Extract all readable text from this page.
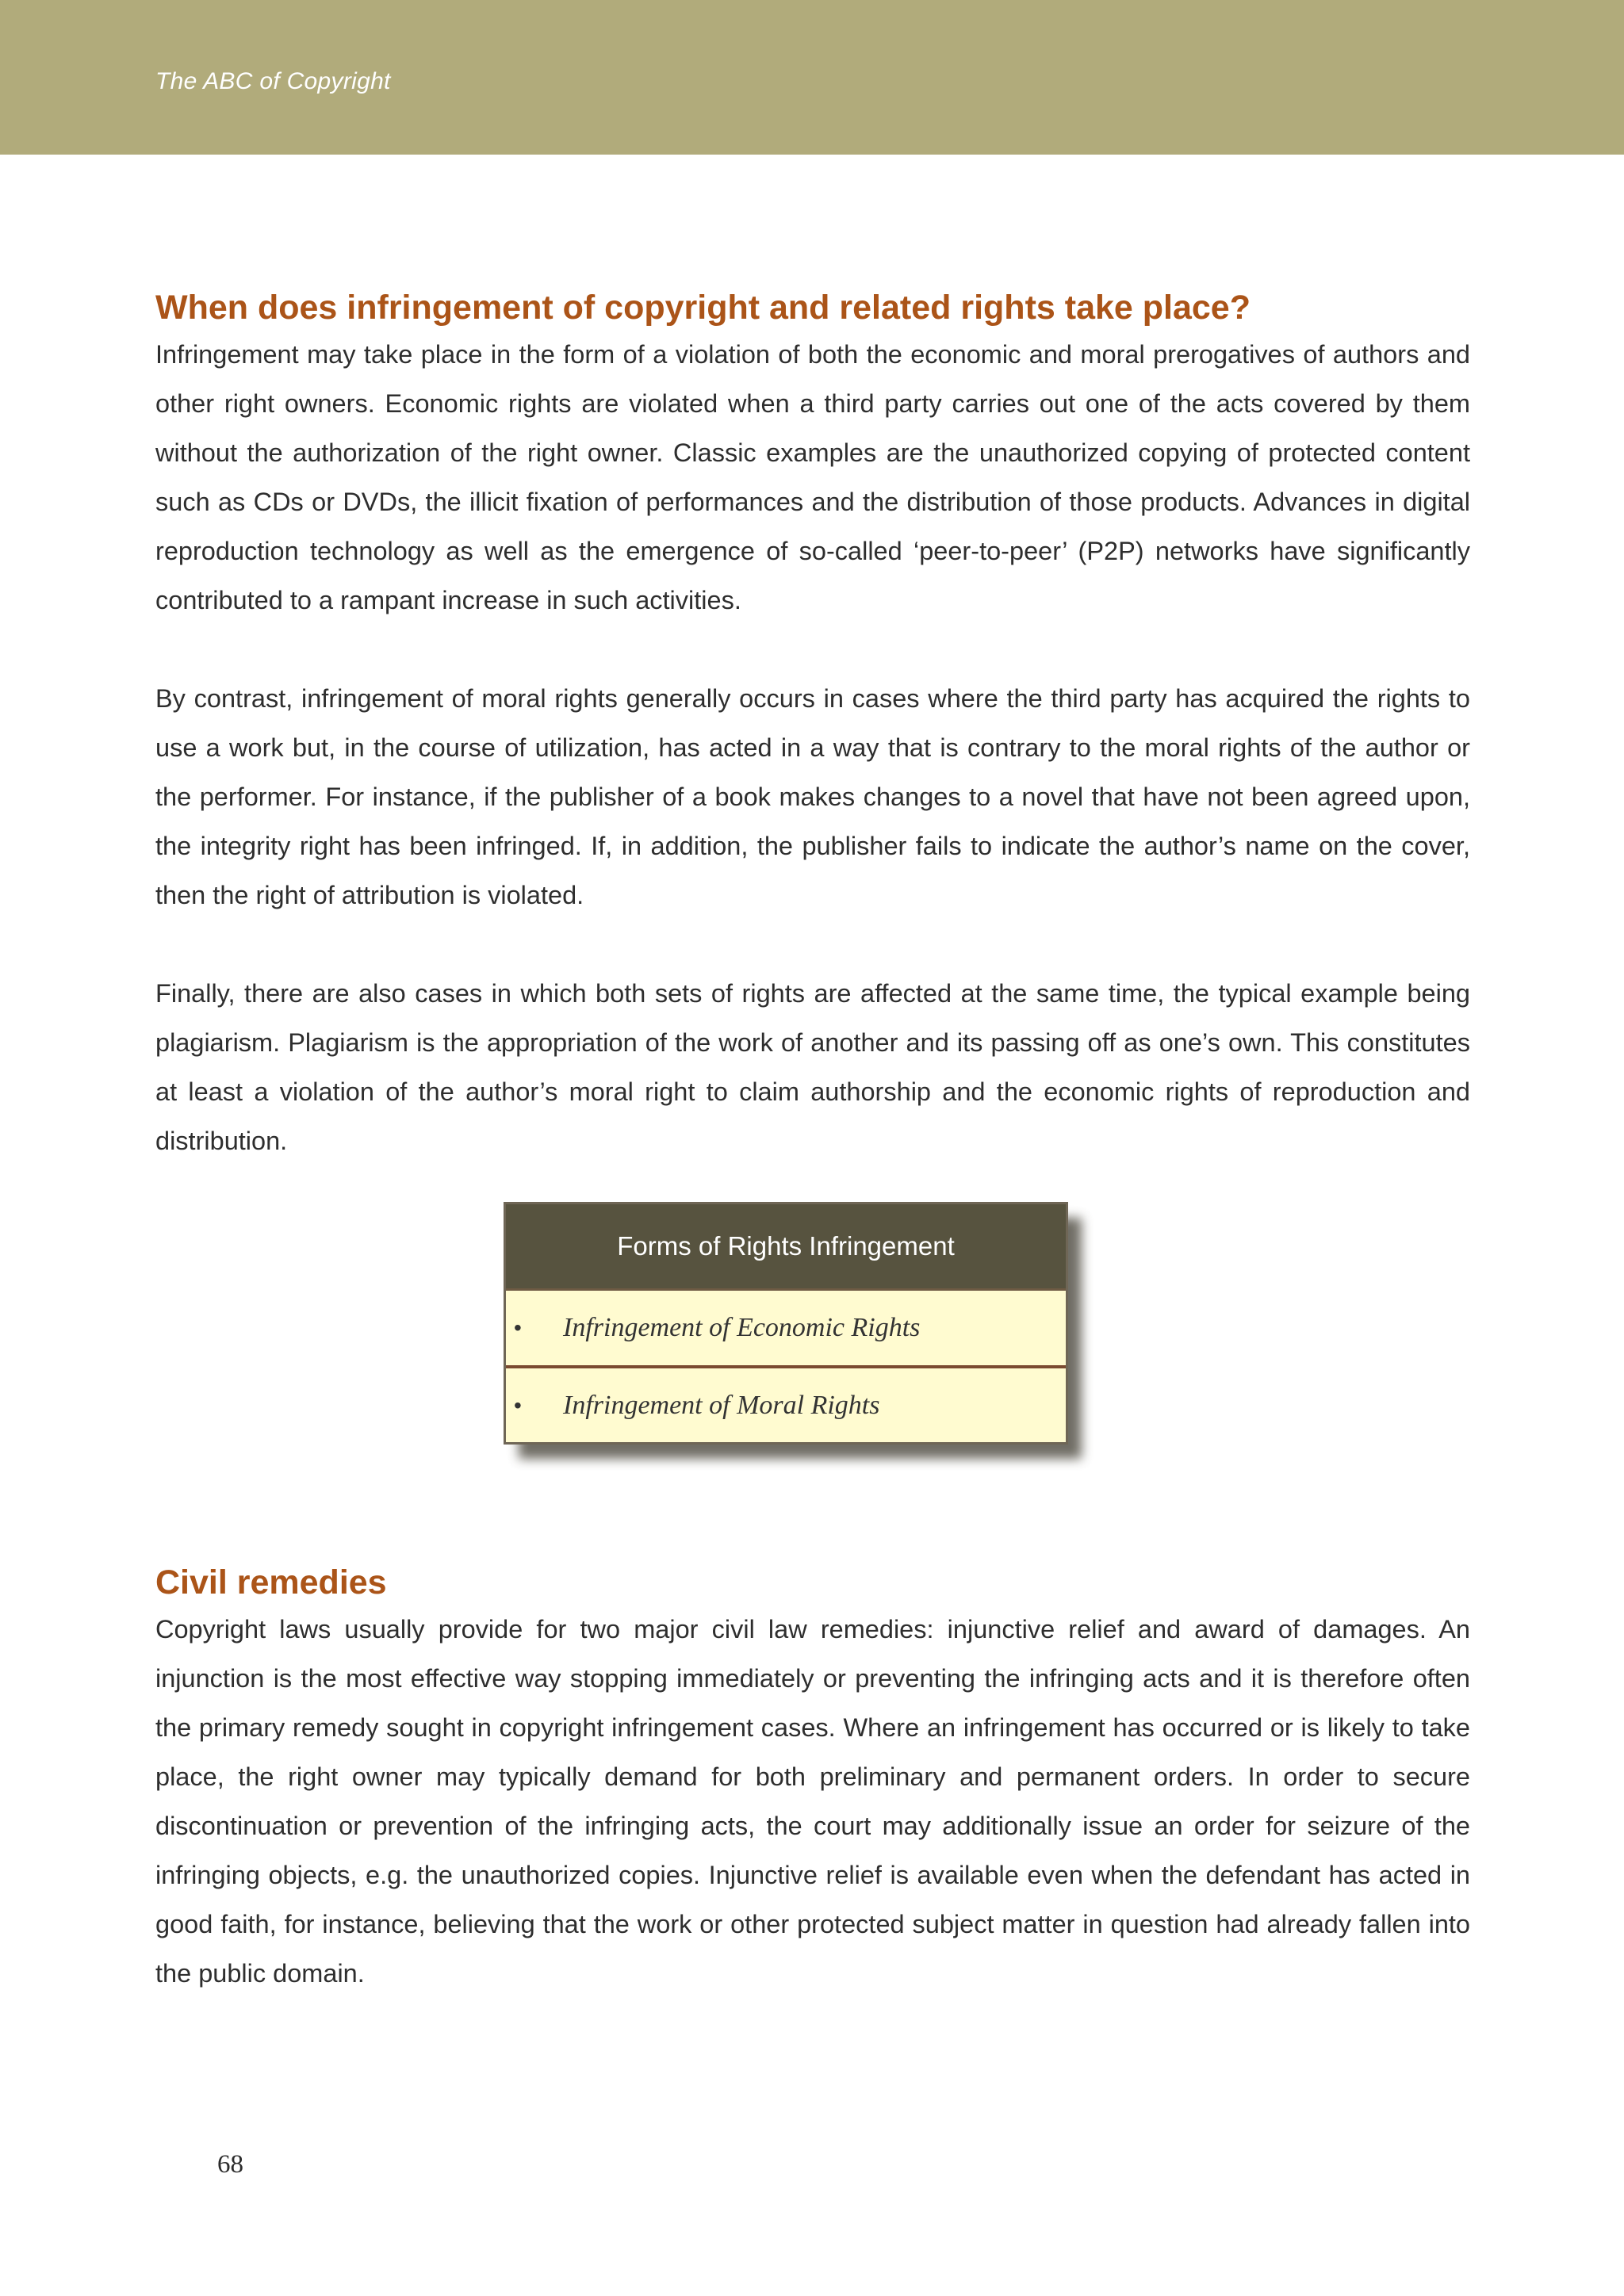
The ABC of Copyright
When does infringement of copyright and related rights take place?

Infringement may take place in the form of a violation of both the economic and moral prerogatives of authors and other right owners. Economic rights are violated when a third party carries out one of the acts covered by them without the authorization of the right owner. Classic examples are the unauthorized copying of protected content such as CDs or DVDs, the illicit fixation of performances and the distribution of those products. Advances in digital reproduction technology as well as the emergence of so-called ‘peer-to-peer’ (P2P) networks have significantly contributed to a rampant increase in such activities.

By contrast, infringement of moral rights generally occurs in cases where the third party has acquired the rights to use a work but, in the course of utilization, has acted in a way that is contrary to the moral rights of the author or the performer. For instance, if the publisher of a book makes changes to a novel that have not been agreed upon, the integrity right has been infringed. If, in addition, the publisher fails to indicate the author’s name on the cover, then the right of attribution is violated.

Finally, there are also cases in which both sets of rights are affected at the same time, the typical example being plagiarism. Plagiarism is the appropriation of the work of another and its passing off as one’s own. This constitutes at least a violation of the author’s moral right to claim authorship and the economic rights of reproduction and distribution.

Forms of Rights Infringement
•	Infringement of Economic Rights
•	Infringement of Moral Rights
Civil remedies

Copyright laws usually provide for two major civil law remedies: injunctive relief and award of damages. An injunction is the most effective way stopping immediately or preventing the infringing acts and it is therefore often the primary remedy sought in copyright infringement cases. Where an infringement has occurred or is likely to take place, the right owner may typically demand for both preliminary and permanent orders. In order to secure discontinuation or prevention of the infringing acts, the court may additionally issue an order for seizure of the infringing objects, e.g. the unauthorized copies. Injunctive relief is available even when the defendant has acted in good faith, for instance, believing that the work or other protected subject matter in question had already fallen into the public domain.

68
